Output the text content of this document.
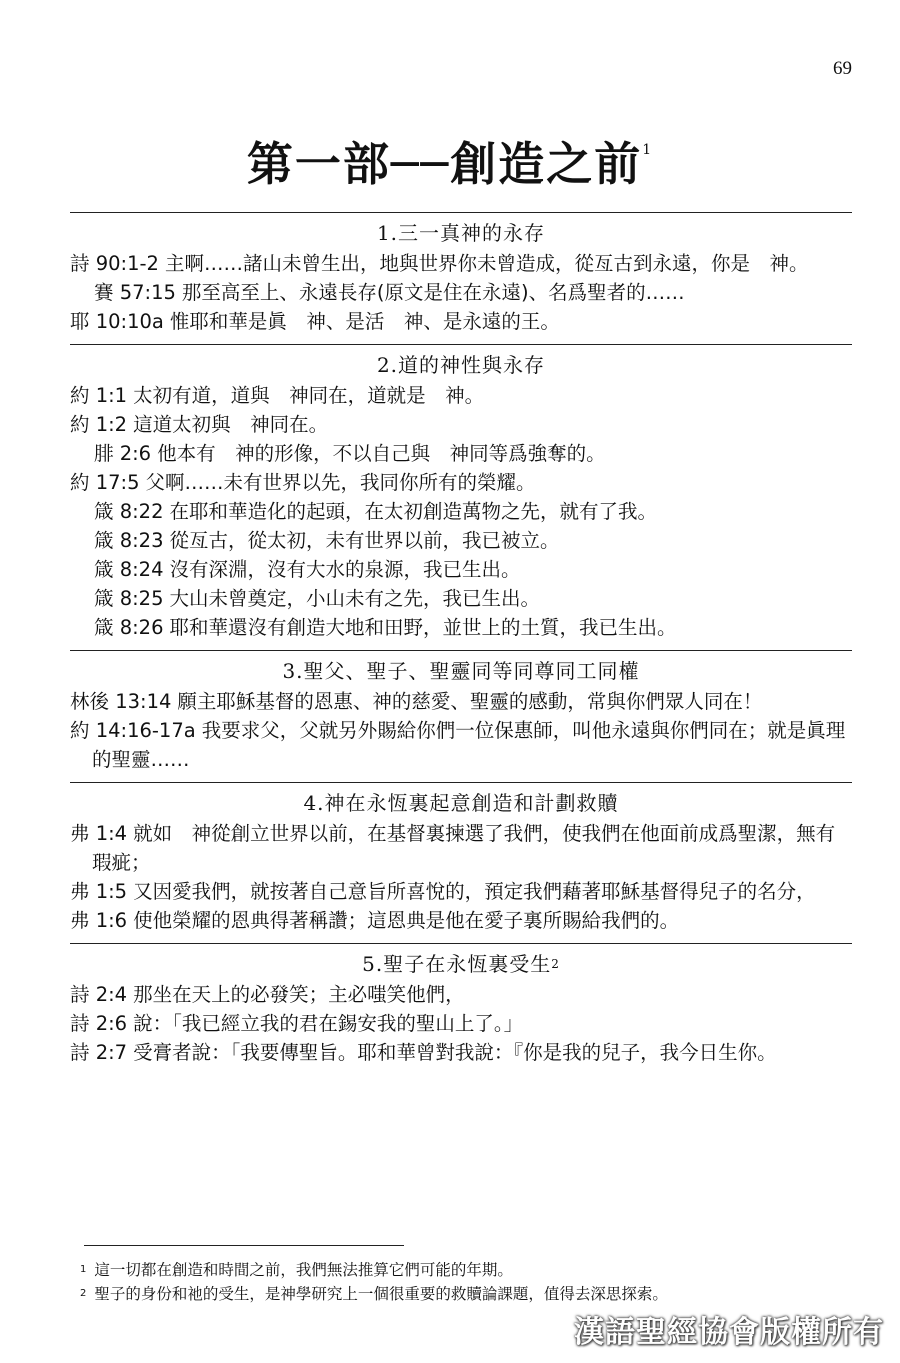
69
第一部──創造之前$^1$
1.三一真神的永存
詩 90:1-2 主啊……諸山未曾生出，地與世界你未曾造成，從亙古到永遠，你是　神。
賽 57:15 那至高至上、永遠長存(原文是住在永遠)、名爲聖者的……
耶 10:10a 惟耶和華是眞　神、是活　神、是永遠的王。
2.道的神性與永存
約 1:1 太初有道，道與　神同在，道就是　神。
約 1:2 這道太初與　神同在。
腓 2:6 他本有　神的形像，不以自己與　神同等爲強奪的。
約 17:5 父啊……未有世界以先，我同你所有的榮耀。
箴 8:22 在耶和華造化的起頭，在太初創造萬物之先，就有了我。
箴 8:23 從亙古，從太初，未有世界以前，我已被立。
箴 8:24 沒有深淵，沒有大水的泉源，我已生出。
箴 8:25 大山未曾奠定，小山未有之先，我已生出。
箴 8:26 耶和華還沒有創造大地和田野，並世上的土質，我已生出。
3.聖父、聖子、聖靈同等同尊同工同權
林後 13:14 願主耶穌基督的恩惠、神的慈愛、聖靈的感動，常與你們眾人同在！
約 14:16-17a 我要求父，父就另外賜給你們一位保惠師，叫他永遠與你們同在；就是眞理的聖靈……
4.神在永恆裏起意創造和計劃救贖
弗 1:4 就如　神從創立世界以前，在基督裏揀選了我們，使我們在他面前成爲聖潔，無有瑕疵；
弗 1:5 又因愛我們，就按著自己意旨所喜悅的，預定我們藉著耶穌基督得兒子的名分，
弗 1:6 使他榮耀的恩典得著稱讚；這恩典是他在愛子裏所賜給我們的。
5.聖子在永恆裏受生$^2$
詩 2:4 那坐在天上的必發笑；主必嗤笑他們，
詩 2:6 說：「我已經立我的君在錫安我的聖山上了。」
詩 2:7 受膏者說：「我要傳聖旨。耶和華曾對我說：『你是我的兒子，我今日生你。
$^1$ 這一切都在創造和時間之前，我們無法推算它們可能的年期。
$^2$ 聖子的身份和祂的受生，是神學研究上一個很重要的救贖論課題，值得去深思探索。
漢語聖經協會版權所有
